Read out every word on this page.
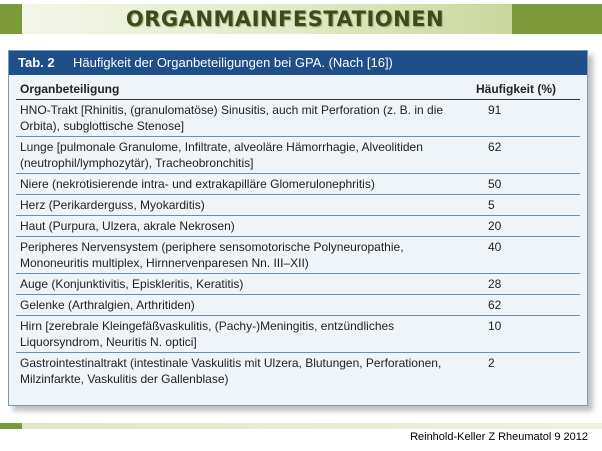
ORGANMAINFESTATIONEN
Tab. 2 Häufigkeit der Organbeteiligungen bei GPA. (Nach [16])
Organbeteiligung	Häufigkeit (%)
HNO-Trakt [Rhinitis, (granulomatöse) Sinusitis, auch mit Perforation (z. B. in die Orbita), subglottische Stenose]	91
Lunge [pulmonale Granulome, Infiltrate, alveoläre Hämorrhagie, Alveolitiden (neutrophil/lymphozytär), Tracheobronchitis]	62
Niere (nekrotisierende intra- und extrakapilläre Glomerulonephritis)	50
Herz (Perikarderguss, Myokarditis)	5
Haut (Purpura, Ulzera, akrale Nekrosen)	20
Peripheres Nervensystem (periphere sensomotorische Polyneuropathie, Mononeuritis multiplex, Hirnnervenparesen Nn. III–XII)	40
Auge (Konjunktivitis, Episkleritis, Keratitis)	28
Gelenke (Arthralgien, Arthritiden)	62
Hirn [zerebrale Kleingefäßvaskulitis, (Pachy-)Meningitis, entzündliches Liquorsyndrom, Neuritis N. optici]	10
Gastrointestinaltrakt (intestinale Vaskulitis mit Ulzera, Blutungen, Perforationen, Milzinfarkte, Vaskulitis der Gallenblase)	2
Reinhold-Keller Z Rheumatol 9 2012
